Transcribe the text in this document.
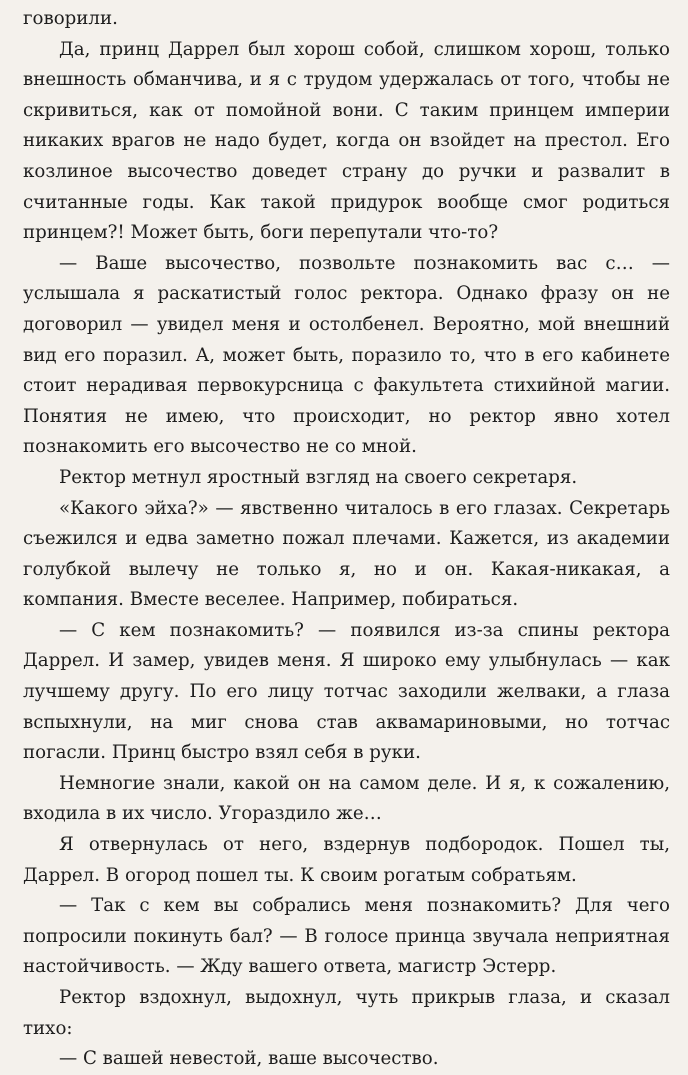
говорили.

Да, принц Даррел был хорош собой, слишком хорош, только внешность обманчива, и я с трудом удержалась от того, чтобы не скривиться, как от помойной вони. С таким принцем империи никаких врагов не надо будет, когда он взойдет на престол. Его козлиное высочество доведет страну до ручки и развалит в считанные годы. Как такой придурок вообще смог родиться принцем?! Может быть, боги перепутали что-то?

— Ваше высочество, позвольте познакомить вас с… — услышала я раскатистый голос ректора. Однако фразу он не договорил — увидел меня и остолбенел. Вероятно, мой внешний вид его поразил. А, может быть, поразило то, что в его кабинете стоит нерадивая первокурсница с факультета стихийной магии. Понятия не имею, что происходит, но ректор явно хотел познакомить его высочество не со мной.

Ректор метнул яростный взгляд на своего секретаря.

«Какого эйха?» — явственно читалось в его глазах. Секретарь съежился и едва заметно пожал плечами. Кажется, из академии голубкой вылечу не только я, но и он. Какая-никакая, а компания. Вместе веселее. Например, побираться.

— С кем познакомить? — появился из-за спины ректора Даррел. И замер, увидев меня. Я широко ему улыбнулась — как лучшему другу. По его лицу тотчас заходили желваки, а глаза вспыхнули, на миг снова став аквамариновыми, но тотчас погасли. Принц быстро взял себя в руки.

Немногие знали, какой он на самом деле. И я, к сожалению, входила в их число. Угораздило же…

Я отвернулась от него, вздернув подбородок. Пошел ты, Даррел. В огород пошел ты. К своим рогатым собратьям.

— Так с кем вы собрались меня познакомить? Для чего попросили покинуть бал? — В голосе принца звучала неприятная настойчивость. — Жду вашего ответа, магистр Эстерр.

Ректор вздохнул, выдохнул, чуть прикрыв глаза, и сказал тихо:

— С вашей невестой, ваше высочество.
